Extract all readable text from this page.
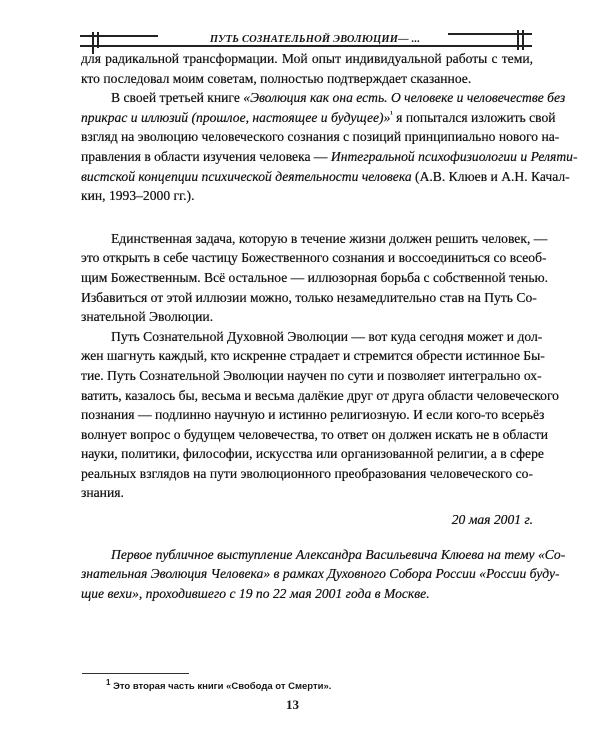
ПУТЬ СОЗНАТЕЛЬНОЙ ЭВОЛЮЦИИ— ...
для радикальной трансформации. Мой опыт индивидуальной работы с теми,
кто последовал моим советам, полностью подтверждает сказанное.
В своей третьей книге «Эволюция как она есть. О человеке и человечестве без
прикрас и иллюзий (прошлое, настоящее и будущее)»$^{^1}$ я попытался изложить свой
взгляд на эволюцию человеческого сознания с позиций принципиально нового на-
правления в области изучения человека — Интегральной психофизиологии и Реляти-
вистской концепции психической деятельности человека (А.В. Клюев и А.Н. Качал-
кин, 1993–2000 гг.).
Единственная задача, которую в течение жизни должен решить человек, —
это открыть в себе частицу Божественного сознания и воссоединиться со всеоб-
щим Божественным. Всё остальное — иллюзорная борьба с собственной тенью.
Избавиться от этой иллюзии можно, только незамедлительно став на Путь Со-
знательной Эволюции.
Путь Сознательной Духовной Эволюции — вот куда сегодня может и дол-
жен шагнуть каждый, кто искренне страдает и стремится обрести истинное Бы-
тие. Путь Сознательной Эволюции научен по сути и позволяет интегрально ох-
ватить, казалось бы, весьма и весьма далёкие друг от друга области человеческого
познания — подлинно научную и истинно религиозную. И если кого-то всерьёз
волнует вопрос о будущем человечества, то ответ он должен искать не в области
науки, политики, философии, искусства или организованной религии, а в сфере
реальных взглядов на пути эволюционного преобразования человеческого со-
знания.
20 мая 2001 г.
Первое публичное выступление Александра Васильевича Клюева на тему «Со-
знательная Эволюция Человека» в рамках Духовного Собора России «России буду-
щие вехи», проходившего с 19 по 22 мая 2001 года в Москве.
$^1$ Это вторая часть книги «Свобода от Смерти».
13
